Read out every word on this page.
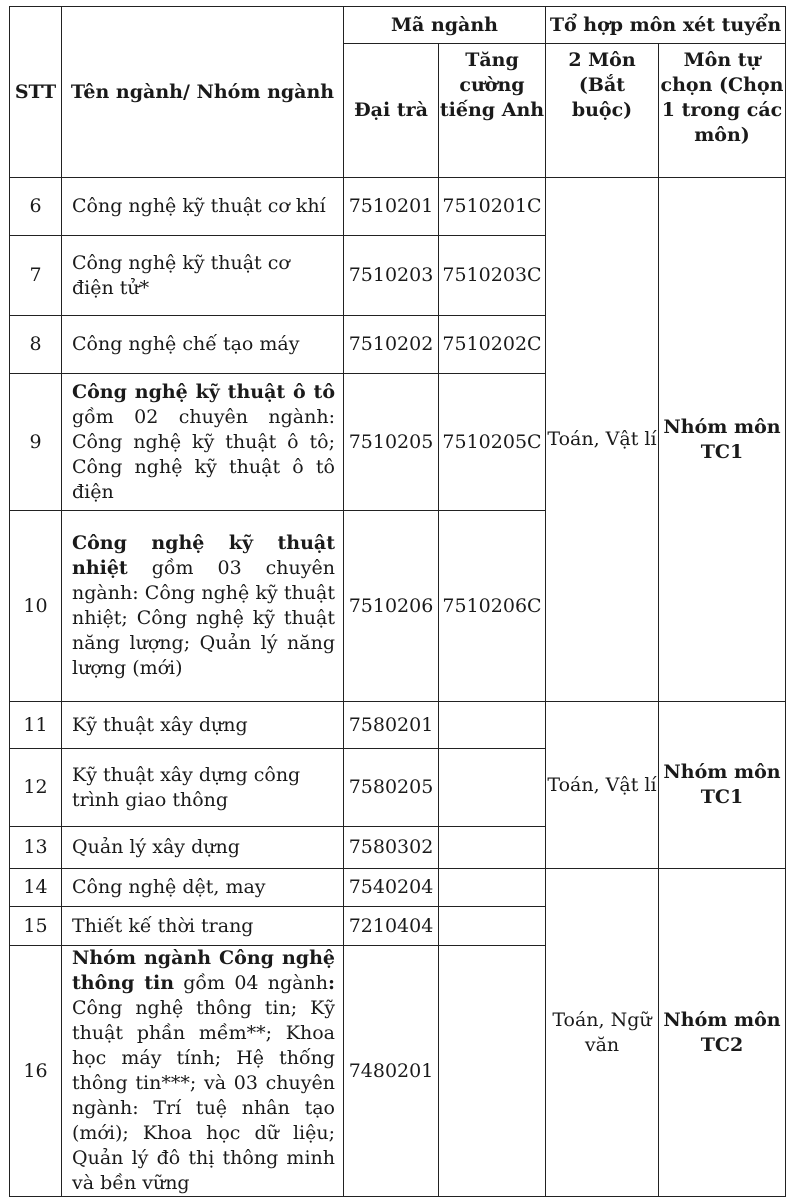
STT	Tên ngành/ Nhóm ngành	Mã ngành		Tổ hợp môn xét tuyển	
		Đại trà	Tăng cường tiếng Anh	2 Môn (Bắt buộc)	Môn tự chọn (Chọn 1 trong các môn)
6	Công nghệ kỹ thuật cơ khí	7510201	7510201C	Toán, Vật lí	Nhóm môn TC1
7	Công nghệ kỹ thuật cơ điện tử*	7510203	7510203C		
8	Công nghệ chế tạo máy	7510202	7510202C		
9	Công nghệ kỹ thuật ô tô gồm 02 chuyên ngành: Công nghệ kỹ thuật ô tô; Công nghệ kỹ thuật ô tô điện	7510205	7510205C		
10	Công nghệ kỹ thuật nhiệt gồm 03 chuyên ngành: Công nghệ kỹ thuật nhiệt; Công nghệ kỹ thuật năng lượng; Quản lý năng lượng (mới)	7510206	7510206C		
11	Kỹ thuật xây dựng	7580201		Toán, Vật lí	Nhóm môn TC1
12	Kỹ thuật xây dựng công trình giao thông	7580205			
13	Quản lý xây dựng	7580302			
14	Công nghệ dệt, may	7540204		Toán, Ngữ văn	Nhóm môn TC2
15	Thiết kế thời trang	7210404			
16	Nhóm ngành Công nghệ thông tin gồm 04 ngành: Công nghệ thông tin; Kỹ thuật phần mềm**; Khoa học máy tính; Hệ thống thông tin***; và 03 chuyên ngành: Trí tuệ nhân tạo (mới); Khoa học dữ liệu; Quản lý đô thị thông minh và bền vững	7480201			
